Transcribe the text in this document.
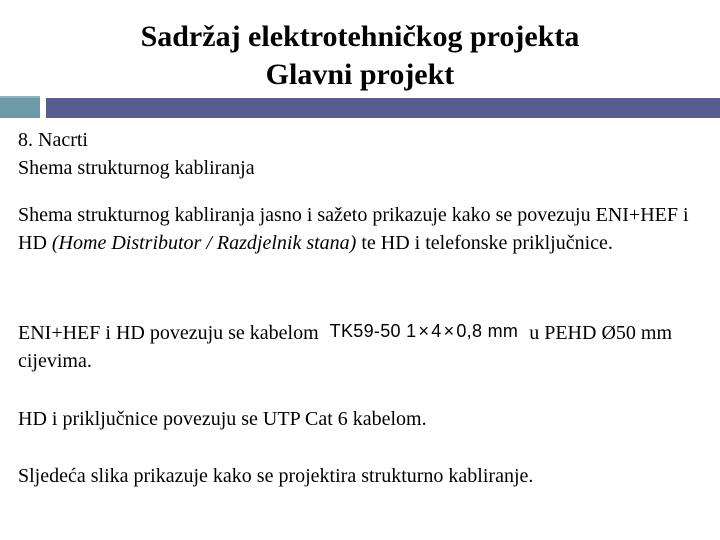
Sadržaj elektrotehničkog projekta
Glavni projekt
8. Nacrti
Shema strukturnog kabliranja

Shema strukturnog kabliranja jasno i sažeto prikazuje kako se povezuju ENI+HEF i HD (Home Distributor / Razdjelnik stana) te HD i telefonske priključnice.

ENI+HEF i HD povezuju se kabelom TK59-50 1 × 4 × 0,8 mm u PEHD Ø50 mm cijevima.

HD i priključnice povezuju se UTP Cat 6 kabelom.

Sljedeća slika prikazuje kako se projektira strukturno kabliranje.
